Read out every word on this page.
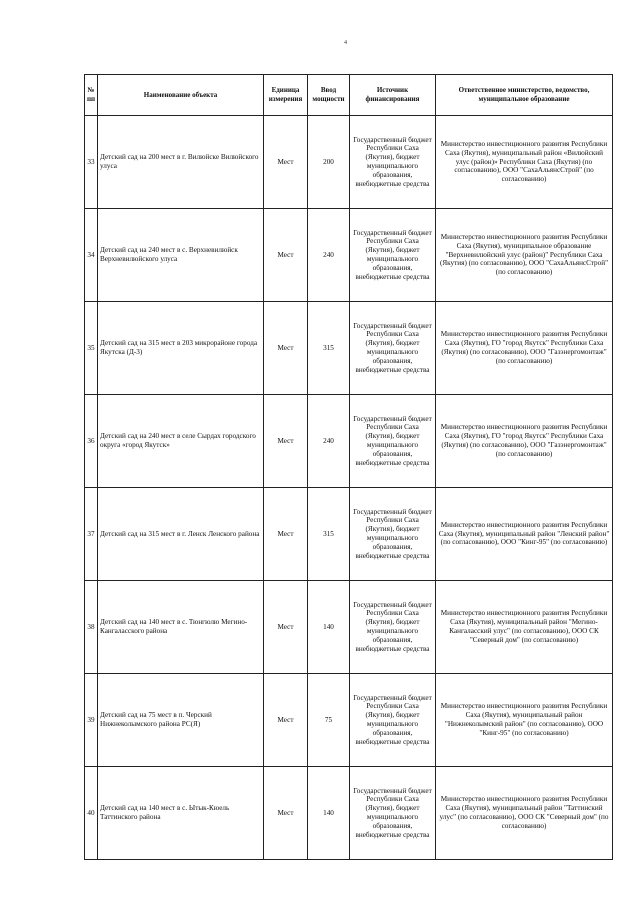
4
№ пп	Наименование объекта	Единица измерения	Ввод мощности	Источник финансирования	Ответственное министерство, ведомство, муниципальное образование
33	Детский сад на 200 мест в г. Вилюйске Вилюйского улуса	Мест	200	Государственный бюджет Республики Саха (Якутия), бюджет муниципального образования, внебюджетные средства	Министерство инвестиционного развития Республики Саха (Якутия), муниципальный район «Вилюйский улус (район)» Республики Саха (Якутия) (по согласованию), ООО "СахаАльянсСтрой" (по согласованию)
34	Детский сад на 240 мест в с. Верхневилюйск Верхневилюйского улуса	Мест	240	Государственный бюджет Республики Саха (Якутия), бюджет муниципального образования, внебюджетные средства	Министерство инвестиционного развития Республики Саха (Якутия), муниципальное образование "Верхневилюйский улус (район)" Республики Саха (Якутия) (по согласованию), ООО "СахаАльянсСтрой" (по согласованию)
35	Детский сад на 315 мест в 203 микрорайоне города Якутска (Д-3)	Мест	315	Государственный бюджет Республики Саха (Якутия), бюджет муниципального образования, внебюджетные средства	Министерство инвестиционного развития Республики Саха (Якутия), ГО "город Якутск" Республики Саха (Якутия) (по согласованию), ООО "Газэнергомонтаж" (по согласованию)
36	Детский сад на 240 мест в селе Сырдах городского округа «город Якутск»	Мест	240	Государственный бюджет Республики Саха (Якутия), бюджет муниципального образования, внебюджетные средства	Министерство инвестиционного развития Республики Саха (Якутия), ГО "город Якутск" Республики Саха (Якутия) (по согласованию), ООО "Газэнергомонтаж" (по согласованию)
37	Детский сад на 315 мест в г. Ленск Ленского района	Мест	315	Государственный бюджет Республики Саха (Якутия), бюджет муниципального образования, внебюджетные средства	Министерство инвестиционного развития Республики Саха (Якутия), муниципальный район "Ленский район" (по согласованию), ООО "Кинг-95" (по согласованию)
38	Детский сад на 140 мест в с. Тюнгюлю Мегино-Кангаласского района	Мест	140	Государственный бюджет Республики Саха (Якутия), бюджет муниципального образования, внебюджетные средства	Министерство инвестиционного развития Республики Саха (Якутия), муниципальный район "Мегино-Кангаласский улус" (по согласованию), ООО СК "Северный дом" (по согласованию)
39	Детский сад на 75 мест в п. Черский Нижнеколымского района РС(Я)	Мест	75	Государственный бюджет Республики Саха (Якутия), бюджет муниципального образования, внебюджетные средства	Министерство инвестиционного развития Республики Саха (Якутия), муниципальный район "Нижнеколымский район" (по согласованию), ООО "Кинг-95" (по согласованию)
40	Детский сад на 140 мест в с. Ытык-Кюель Таттинского района	Мест	140	Государственный бюджет Республики Саха (Якутия), бюджет муниципального образования, внебюджетные средства	Министерство инвестиционного развития Республики Саха (Якутия), муниципальный район "Таттинский улус" (по согласованию), ООО СК "Северный дом" (по согласованию)
